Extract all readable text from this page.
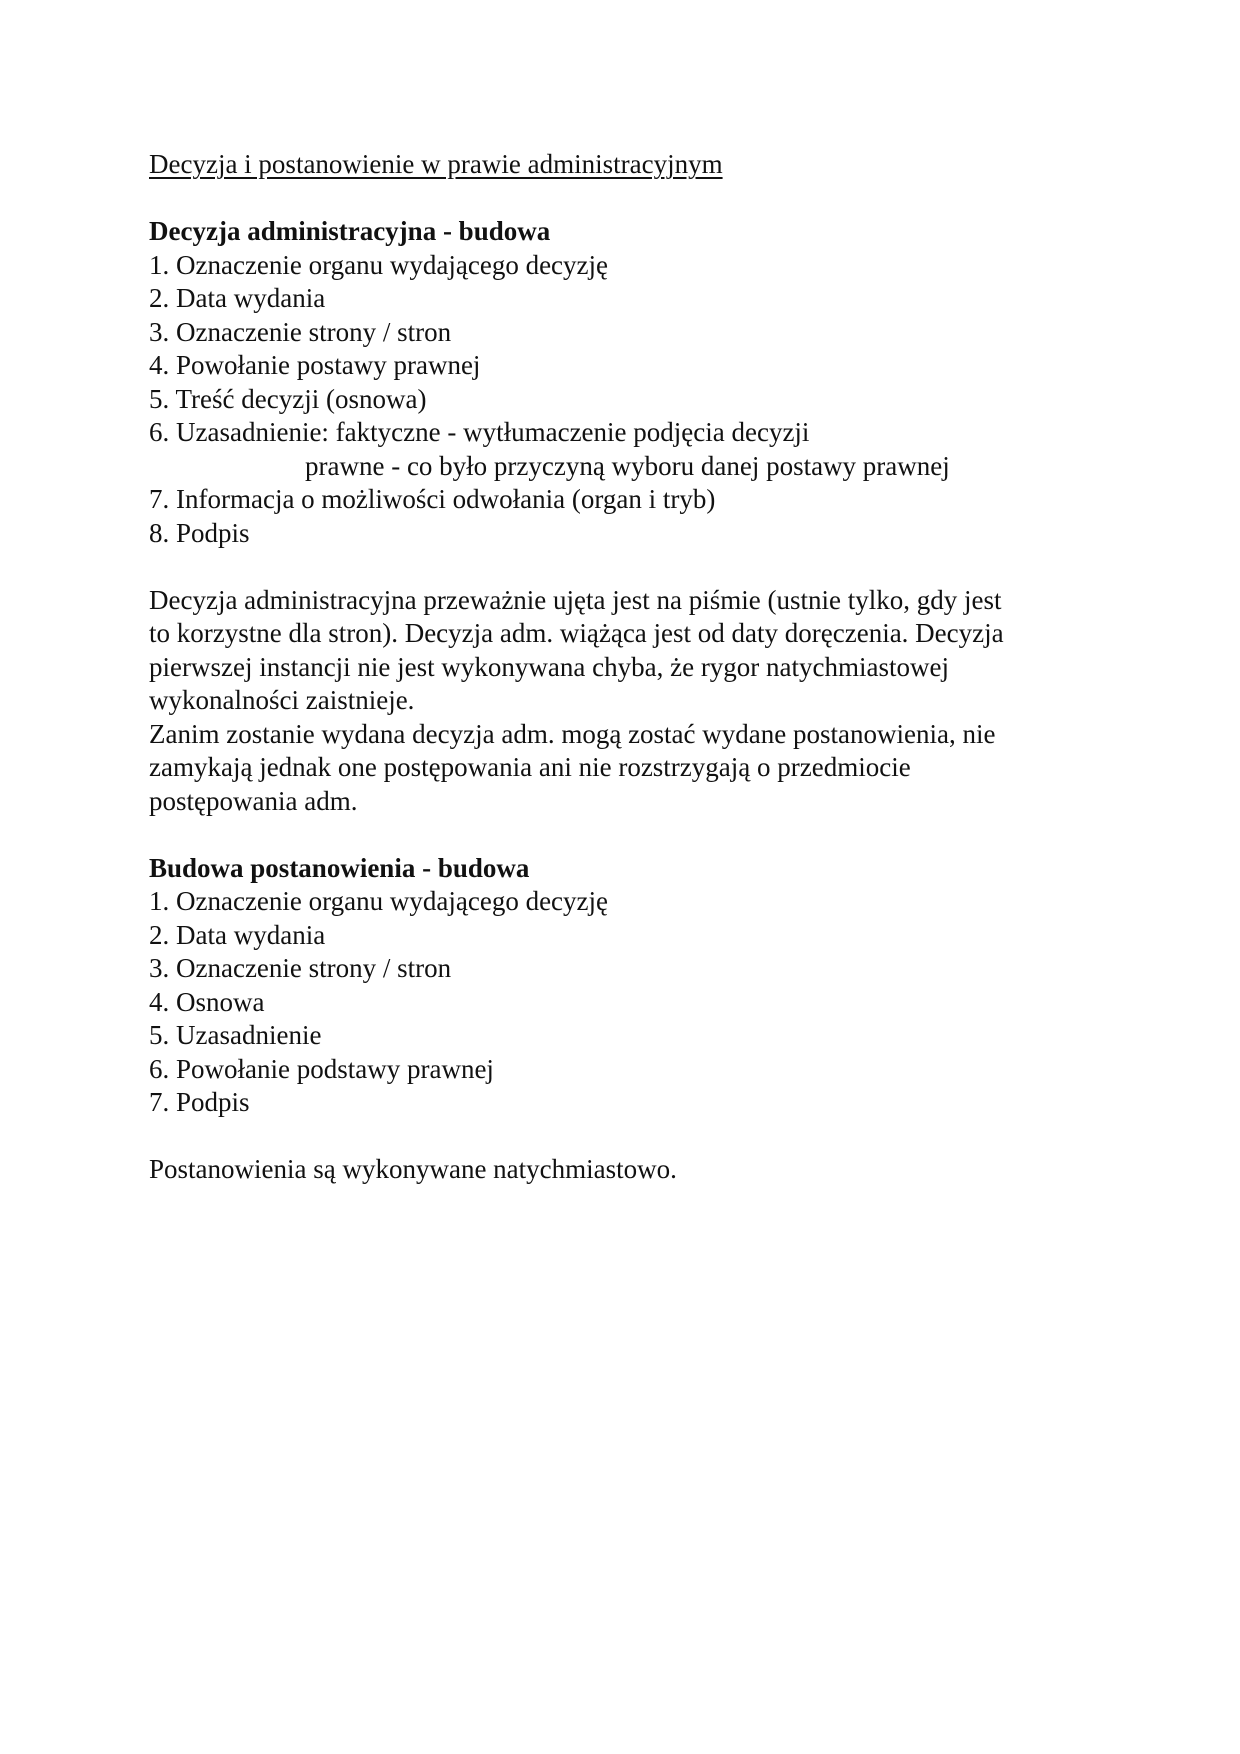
Decyzja i postanowienie w prawie administracyjnym
Decyzja administracyjna - budowa
1. Oznaczenie organu wydającego decyzję
2. Data wydania
3. Oznaczenie strony / stron
4. Powołanie postawy prawnej
5. Treść decyzji (osnowa)
6. Uzasadnienie: faktyczne - wytłumaczenie podjęcia decyzji
prawne - co było przyczyną wyboru danej postawy prawnej
7. Informacja o możliwości odwołania (organ i tryb)
8. Podpis

Decyzja administracyjna przeważnie ujęta jest na piśmie (ustnie tylko, gdy jest

to korzystne dla stron). Decyzja adm. wiążąca jest od daty doręczenia. Decyzja

pierwszej instancji nie jest wykonywana chyba, że rygor natychmiastowej

wykonalności zaistnieje.

Zanim zostanie wydana decyzja adm. mogą zostać wydane postanowienia, nie

zamykają jednak one postępowania ani nie rozstrzygają o przedmiocie

postępowania adm.

Budowa postanowienia - budowa
1. Oznaczenie organu wydającego decyzję
2. Data wydania
3. Oznaczenie strony / stron
4. Osnowa
5. Uzasadnienie
6. Powołanie podstawy prawnej
7. Podpis

Postanowienia są wykonywane natychmiastowo.
